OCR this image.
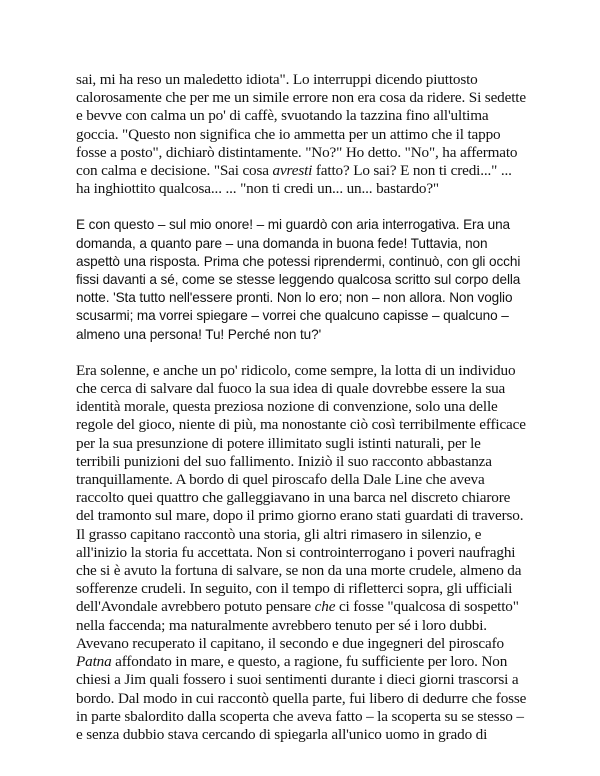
sai, mi ha reso un maledetto idiota". Lo interruppi dicendo piuttosto
calorosamente che per me un simile errore non era cosa da ridere. Si sedette
e bevve con calma un po' di caffè, svuotando la tazzina fino all'ultima
goccia. "Questo non significa che io ammetta per un attimo che il tappo
fosse a posto", dichiarò distintamente. "No?" Ho detto. "No", ha affermato
con calma e decisione. "Sai cosa avresti fatto? Lo sai? E non ti credi..." ...
ha inghiottito qualcosa... ... "non ti credi un... un... bastardo?"

E con questo – sul mio onore! – mi guardò con aria interrogativa. Era una
domanda, a quanto pare – una domanda in buona fede! Tuttavia, non
aspettò una risposta. Prima che potessi riprendermi, continuò, con gli occhi
fissi davanti a sé, come se stesse leggendo qualcosa scritto sul corpo della
notte. 'Sta tutto nell'essere pronti. Non lo ero; non – non allora. Non voglio
scusarmi; ma vorrei spiegare – vorrei che qualcuno capisse – qualcuno –
almeno una persona! Tu! Perché non tu?'

Era solenne, e anche un po' ridicolo, come sempre, la lotta di un individuo
che cerca di salvare dal fuoco la sua idea di quale dovrebbe essere la sua
identità morale, questa preziosa nozione di convenzione, solo una delle
regole del gioco, niente di più, ma nonostante ciò così terribilmente efficace
per la sua presunzione di potere illimitato sugli istinti naturali, per le
terribili punizioni del suo fallimento. Iniziò il suo racconto abbastanza
tranquillamente. A bordo di quel piroscafo della Dale Line che aveva
raccolto quei quattro che galleggiavano in una barca nel discreto chiarore
del tramonto sul mare, dopo il primo giorno erano stati guardati di traverso.
Il grasso capitano raccontò una storia, gli altri rimasero in silenzio, e
all'inizio la storia fu accettata. Non si controinterrogano i poveri naufraghi
che si è avuto la fortuna di salvare, se non da una morte crudele, almeno da
sofferenze crudeli. In seguito, con il tempo di rifletterci sopra, gli ufficiali
dell'Avondale avrebbero potuto pensare che ci fosse "qualcosa di sospetto"
nella faccenda; ma naturalmente avrebbero tenuto per sé i loro dubbi.
Avevano recuperato il capitano, il secondo e due ingegneri del piroscafo
Patna affondato in mare, e questo, a ragione, fu sufficiente per loro. Non
chiesi a Jim quali fossero i suoi sentimenti durante i dieci giorni trascorsi a
bordo. Dal modo in cui raccontò quella parte, fui libero di dedurre che fosse
in parte sbalordito dalla scoperta che aveva fatto – la scoperta su se stesso –
e senza dubbio stava cercando di spiegarla all'unico uomo in grado di
